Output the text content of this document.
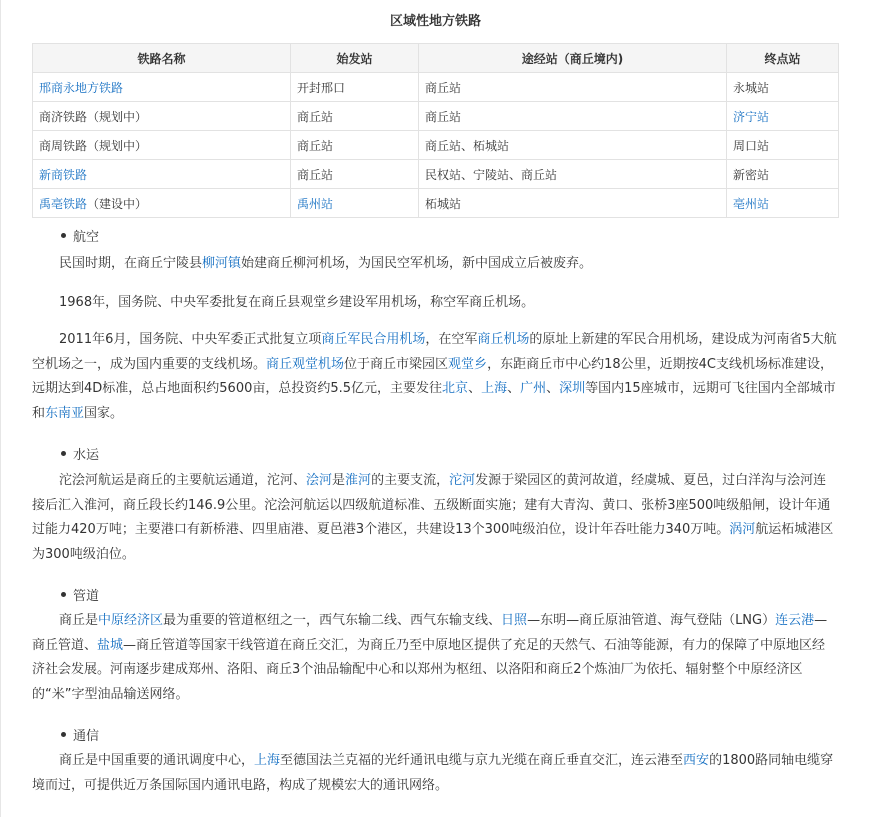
区域性地方铁路
铁路名称	始发站	途经站（商丘境内)	终点站
邢商永地方铁路	开封邢口	商丘站	永城站
商济铁路（规划中）	商丘站	商丘站	济宁站
商周铁路（规划中）	商丘站	商丘站、柘城站	周口站
新商铁路	商丘站	民权站、宁陵站、商丘站	新密站
禹亳铁路（建设中）	禹州站	柘城站	亳州站
航空

民国时期，在商丘宁陵县柳河镇始建商丘柳河机场，为国民空军机场，新中国成立后被废弃。

1968年，国务院、中央军委批复在商丘县观堂乡建设军用机场，称空军商丘机场。

2011年6月，国务院、中央军委正式批复立项商丘军民合用机场，在空军商丘机场的原址上新建的军民合用机场，建设成为河南省5大航空机场之一，成为国内重要的支线机场。商丘观堂机场位于商丘市梁园区观堂乡，东距商丘市中心约18公里，近期按4C支线机场标准建设，远期达到4D标准，总占地面积约5600亩，总投资约5.5亿元，主要发往北京、上海、广州、深圳等国内15座城市，远期可飞往国内全部城市和东南亚国家。

水运

沱浍河航运是商丘的主要航运通道，沱河、浍河是淮河的主要支流，沱河发源于梁园区的黄河故道，经虞城、夏邑，过白洋沟与浍河连接后汇入淮河，商丘段长约146.9公里。沱浍河航运以四级航道标准、五级断面实施；建有大青沟、黄口、张桥3座500吨级船闸，设计年通过能力420万吨；主要港口有新桥港、四里庙港、夏邑港3个港区，共建设13个300吨级泊位，设计年吞吐能力340万吨。涡河航运柘城港区为300吨级泊位。

管道

商丘是中原经济区最为重要的管道枢纽之一，西气东输二线、西气东输支线、日照—东明—商丘原油管道、海气登陆（LNG）连云港—商丘管道、盐城—商丘管道等国家干线管道在商丘交汇，为商丘乃至中原地区提供了充足的天然气、石油等能源，有力的保障了中原地区经济社会发展。河南逐步建成郑州、洛阳、商丘3个油品输配中心和以郑州为枢纽、以洛阳和商丘2个炼油厂为依托、辐射整个中原经济区的“米”字型油品输送网络。

通信

商丘是中国重要的通讯调度中心，上海至德国法兰克福的光纤通讯电缆与京九光缆在商丘垂直交汇，连云港至西安的1800路同轴电缆穿境而过，可提供近万条国际国内通讯电路，构成了规模宏大的通讯网络。
